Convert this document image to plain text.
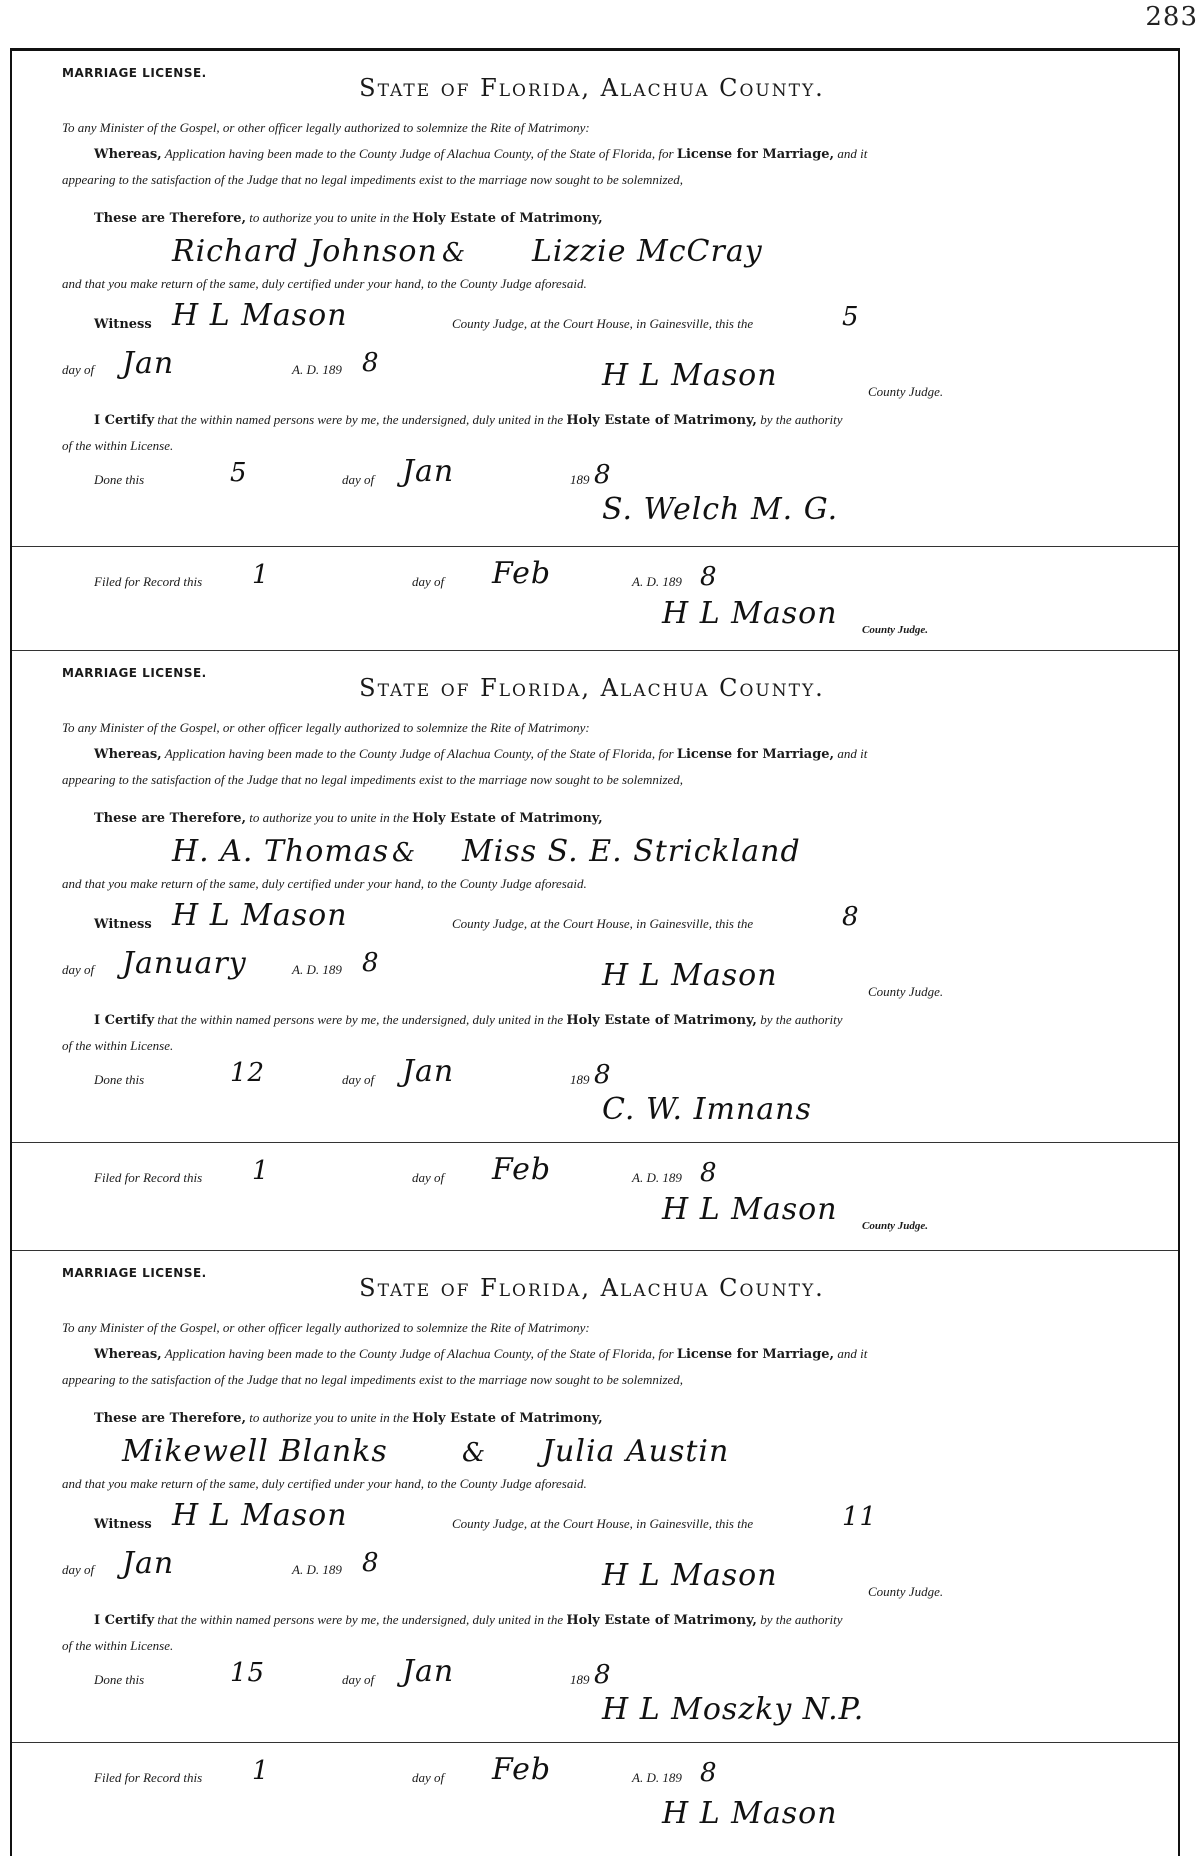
283
MARRIAGE LICENSE.
State of Florida, Alachua County.
To any Minister of the Gospel, or other officer legally authorized to solemnize the Rite of Matrimony:
Whereas, Application having been made to the County Judge of Alachua County, of the State of Florida, for License for Marriage, and it
appearing to the satisfaction of the Judge that no legal impediments exist to the marriage now sought to be solemnized,
These are Therefore, to authorize you to unite in the Holy Estate of Matrimony,
Richard Johnson & Lizzie McCray
and that you make return of the same, duly certified under your hand, to the County Judge aforesaid.
Witness H L Mason	County Judge, at the Court House, in Gainesville, this the	5
day of Jan	A. D. 189 8	H L Mason	County Judge.
I Certify that the within named persons were by me, the undersigned, duly united in the Holy Estate of Matrimony, by the authority
of the within License.
Done this	5	day of Jan	189 8
S. Welch M. G.
Filed for Record this 1	day of Feb	A. D. 189 8
H L Mason County Judge.
MARRIAGE LICENSE.
State of Florida, Alachua County.
To any Minister of the Gospel, or other officer legally authorized to solemnize the Rite of Matrimony:
Whereas, Application having been made to the County Judge of Alachua County, of the State of Florida, for License for Marriage, and it
appearing to the satisfaction of the Judge that no legal impediments exist to the marriage now sought to be solemnized,
These are Therefore, to authorize you to unite in the Holy Estate of Matrimony,
H. A. Thomas & Miss S. E. Strickland
and that you make return of the same, duly certified under your hand, to the County Judge aforesaid.
Witness H L Mason	County Judge, at the Court House, in Gainesville, this the	8
day of January	A. D. 189 8	H L Mason	County Judge.
I Certify that the within named persons were by me, the undersigned, duly united in the Holy Estate of Matrimony, by the authority
of the within License.
Done this	12	day of Jan	189 8
C. W. Imnans
Filed for Record this 1	day of Feb	A. D. 189 8
H L Mason County Judge.
MARRIAGE LICENSE.
State of Florida, Alachua County.
To any Minister of the Gospel, or other officer legally authorized to solemnize the Rite of Matrimony:
Whereas, Application having been made to the County Judge of Alachua County, of the State of Florida, for License for Marriage, and it
appearing to the satisfaction of the Judge that no legal impediments exist to the marriage now sought to be solemnized,
These are Therefore, to authorize you to unite in the Holy Estate of Matrimony,
Mikewell Blanks	& Julia Austin
and that you make return of the same, duly certified under your hand, to the County Judge aforesaid.
Witness H L Mason	County Judge, at the Court House, in Gainesville, this the	11
day of Jan	A. D. 189 8	H L Mason	County Judge.
I Certify that the within named persons were by me, the undersigned, duly united in the Holy Estate of Matrimony, by the authority
of the within License.
Done this	15	day of Jan	189 8
H L Moszky N.P.
Filed for Record this 1	day of Feb	A. D. 189 8
H L Mason
